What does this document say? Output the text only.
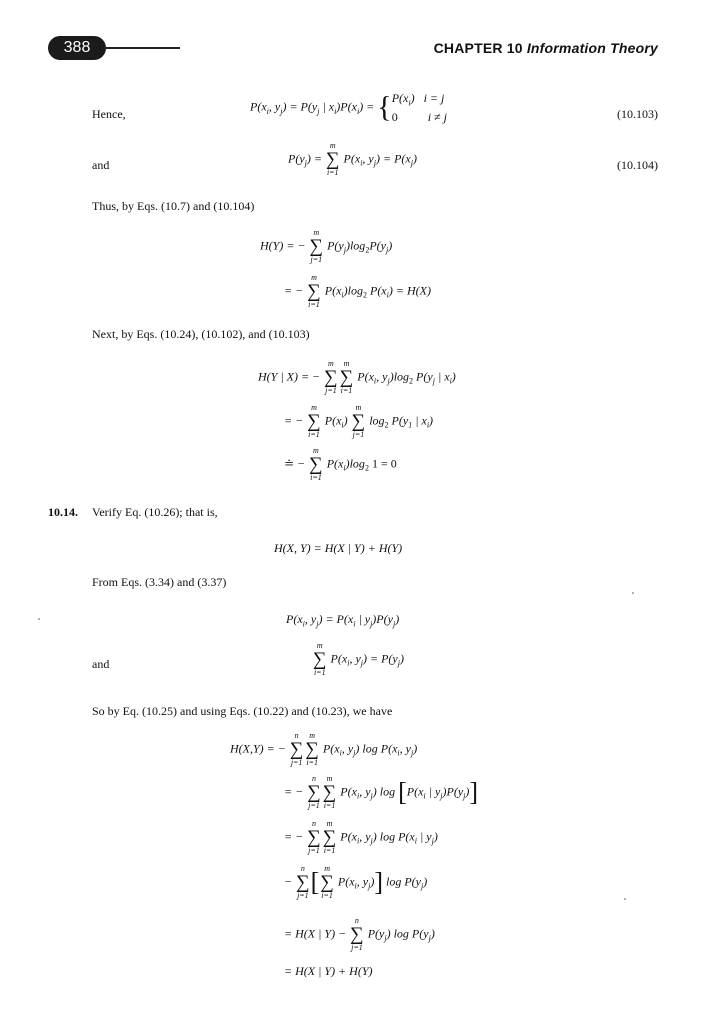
388	CHAPTER 10 Information Theory
Hence,
$P(x_i$, $y_j) = P(y_j$ | $x_i)P(x_i) = \{P(x_i)$   i = j
0          i ≠ j	(10.103)
and	$P(y_j)$ =
m
∑
i=1
$P(x_i$, $y_j) = P(x_j)$	(10.104)
Thus, by Eqs. (10.7) and (10.104)
H(Y) = −
m
∑
j=1
$P(y_j)\log_2P(y_j)$
= −
m
∑
i=1
$P(x_i)\log_2$ $P(x_i) = H(X)$
Next, by Eqs. (10.24), (10.102), and (10.103)
H(Y | X) = −
m
∑
j=1
m
∑
i=1
$P(x_i$, $y_j)\log_2$ $P(y_j$ | $x_i$)
= −
m
∑
i=1
$P(x_i)$
m
∑
j=1
$\log_2 P(y_1$ | $x_i$)
≐ −
m
∑
i=1
$P(x_i)\log_2$ 1 = 0
10.14. Verify Eq. (10.26); that is,
H(X, Y) = H(X | Y) + H(Y)
From Eqs. (3.34) and (3.37)
$P(x_i$, $y_j) = P(x_i$ | $y_j)P(y_j)$
and
m
∑
i=1
$P(x_i$, $y_j) = P(y_j)$
So by Eq. (10.25) and using Eqs. (10.22) and (10.23), we have
H(X,Y) = −
n
∑
j=1
m
∑
i=1
$P(x_i$, $y_j$) $\log P(x_i$, $y_j$)
= −
n
∑
j=1
m
∑
i=1
$P(x_i$, $y_j$) $\log [P(x_i$ | $y_j)P(y_j)$]
= −
n
∑
j=1
m
∑
i=1
$P(x_i$, $y_j$) $\log P(x_i$ | $y_j$)
−
n
∑
j=1 [ m
∑
i=1
$P(x_i$, $y_j$)] $\log P(y_j)$
= H(X | Y) −
n
∑
j=1
$P(y_j)$ $\log P(y_j)$
= H(X | Y) + H(Y)
